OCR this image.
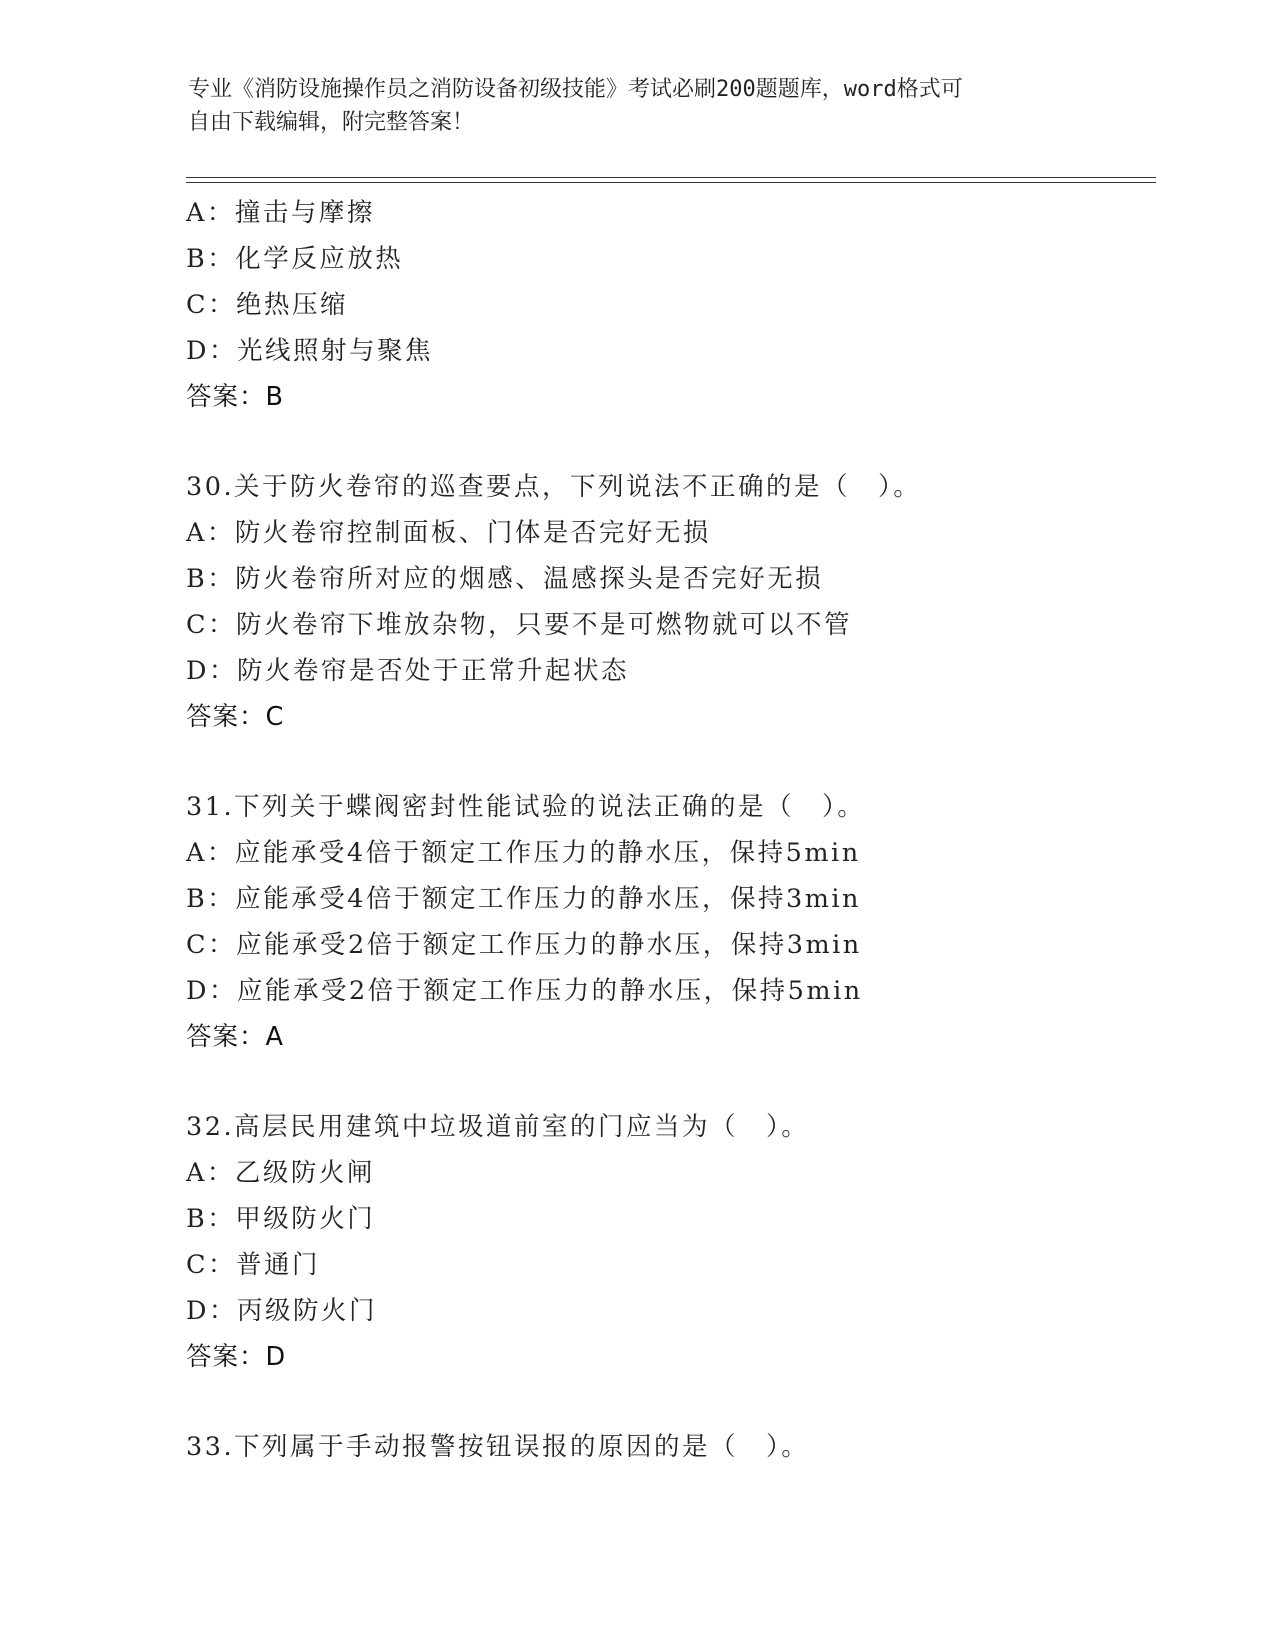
专业《消防设施操作员之消防设备初级技能》考试必刷200题题库，word格式可
自由下载编辑，附完整答案！
A：撞击与摩擦
B：化学反应放热
C：绝热压缩
D：光线照射与聚焦
答案：B
30.关于防火卷帘的巡查要点，下列说法不正确的是（　）。
A：防火卷帘控制面板、门体是否完好无损
B：防火卷帘所对应的烟感、温感探头是否完好无损
C：防火卷帘下堆放杂物，只要不是可燃物就可以不管
D：防火卷帘是否处于正常升起状态
答案：C
31.下列关于蝶阀密封性能试验的说法正确的是（　）。
A：应能承受4倍于额定工作压力的静水压，保持5min
B：应能承受4倍于额定工作压力的静水压，保持3min
C：应能承受2倍于额定工作压力的静水压，保持3min
D：应能承受2倍于额定工作压力的静水压，保持5min
答案：A
32.高层民用建筑中垃圾道前室的门应当为（　）。
A：乙级防火闸
B：甲级防火门
C：普通门
D：丙级防火门
答案：D
33.下列属于手动报警按钮误报的原因的是（　）。
